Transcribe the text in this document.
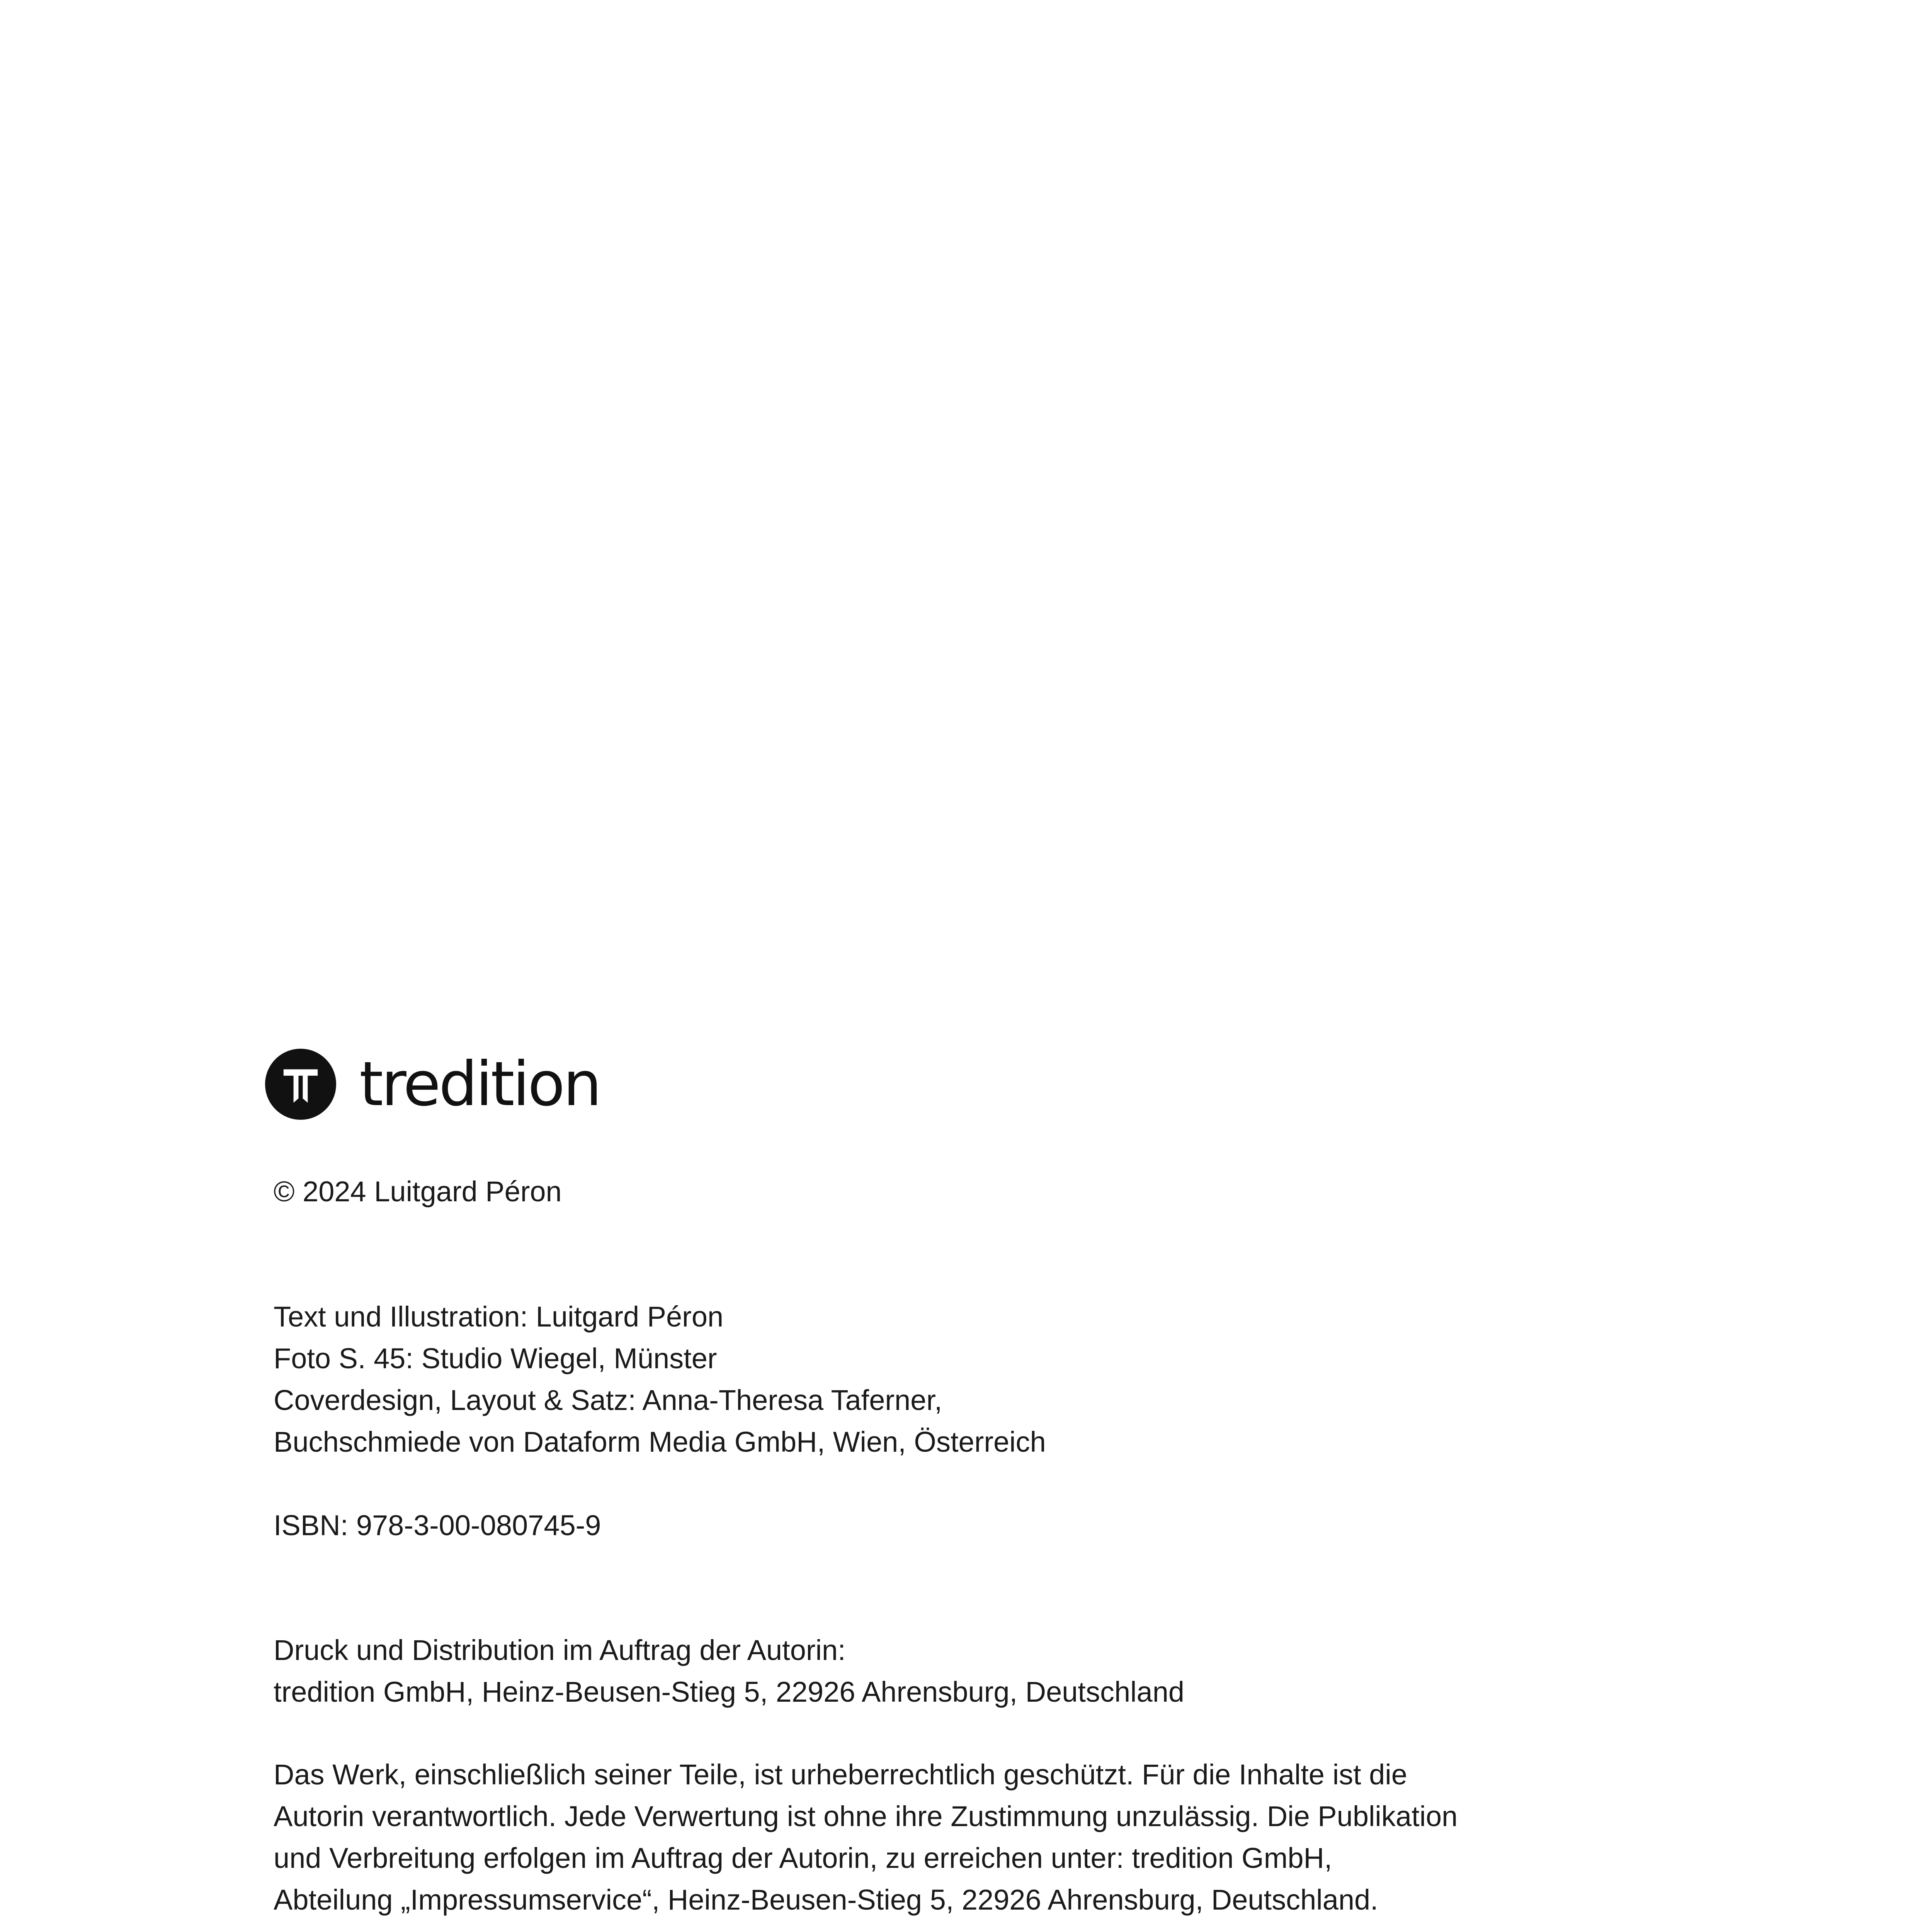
tredition
© 2024 Luitgard Péron
Text und Illustration: Luitgard Péron
Foto S. 45: Studio Wiegel, Münster
Coverdesign, Layout & Satz: Anna-Theresa Taferner,
Buchschmiede von Dataform Media GmbH, Wien, Österreich
ISBN: 978-3-00-080745-9
Druck und Distribution im Auftrag der Autorin:
tredition GmbH, Heinz-Beusen-Stieg 5, 22926 Ahrensburg, Deutschland
Das Werk, einschließlich seiner Teile, ist urheberrechtlich geschützt. Für die Inhalte ist die
Autorin verantwortlich. Jede Verwertung ist ohne ihre Zustimmung unzulässig. Die Publikation
und Verbreitung erfolgen im Auftrag der Autorin, zu erreichen unter: tredition GmbH,
Abteilung „Impressumservice“, Heinz-Beusen-Stieg 5, 22926 Ahrensburg, Deutschland.
